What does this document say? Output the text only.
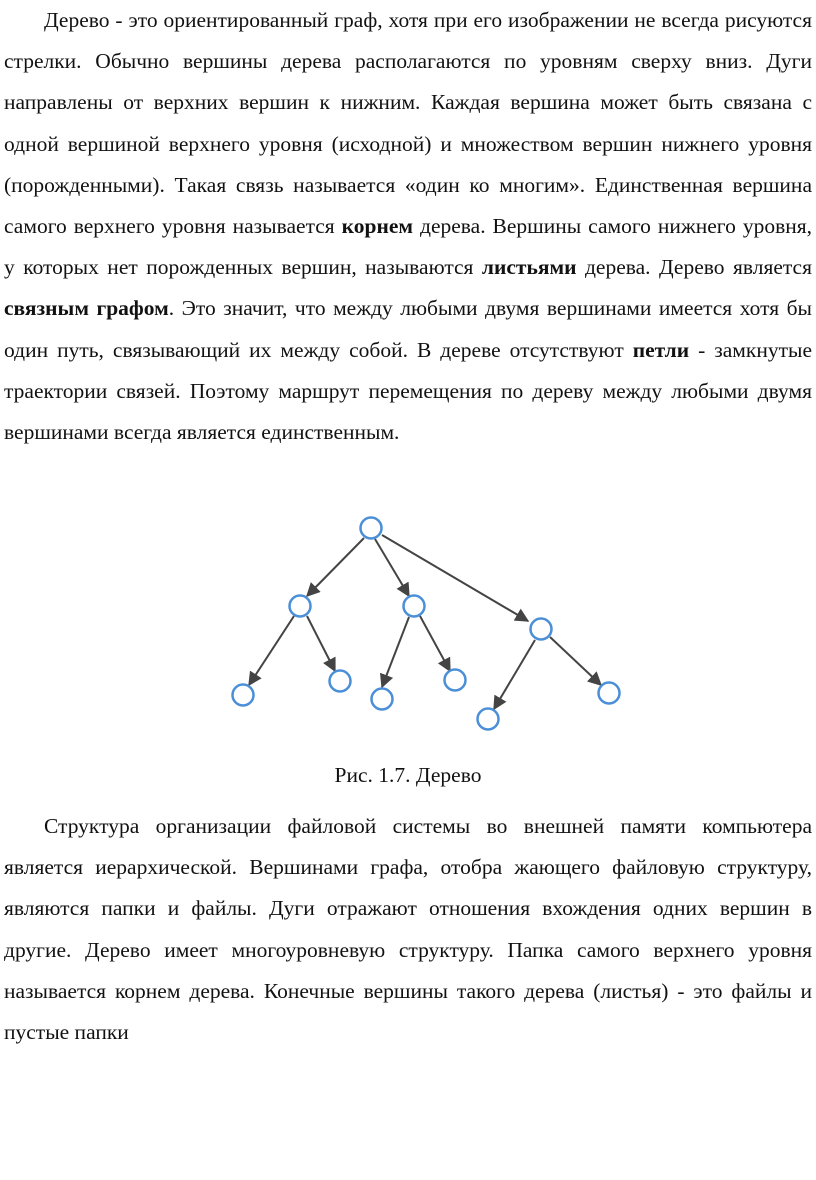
Дерево - это ориентированный граф, хотя при его изображении не всегда рисуются стрелки. Обычно вершины дерева располагаются по уровням сверху вниз. Дуги направлены от верхних вершин к нижним. Каждая вершина может быть связана с одной вершиной верхнего уровня (исходной) и множеством вершин нижнего уровня (порожденными). Такая связь называется «один ко многим». Единственная вершина самого верхнего уровня называется корнем дерева. Вершины самого нижнего уровня, у которых нет порожденных вершин, называются листьями дерева. Дерево является связным графом. Это значит, что между любыми двумя вершинами имеется хотя бы один путь, связывающий их между собой. В дереве отсутствуют петли - замкнутые траектории связей. Поэтому маршрут перемещения по дереву между любыми двумя вершинами всегда является единственным.

Рис. 1.7. Дерево

Структура организации файловой системы во внешней памяти компьютера является иерархической. Вершинами графа, отобра жающего файловую структуру, являются папки и файлы. Дуги отражают отношения вхождения одних вершин в другие. Дерево имеет многоуровневую структуру. Папка самого верхнего уровня называется корнем дерева. Конечные вершины такого дерева (листья) - это файлы и пустые папки
